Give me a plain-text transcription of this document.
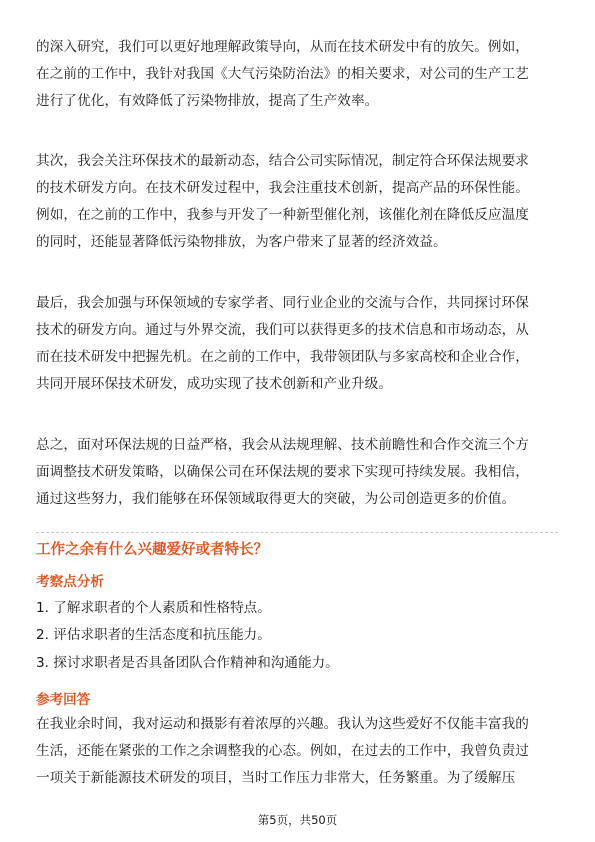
的深入研究，我们可以更好地理解政策导向，从而在技术研发中有的放矢。例如，
在之前的工作中，我针对我国《大气污染防治法》的相关要求，对公司的生产工艺
进行了优化，有效降低了污染物排放，提高了生产效率。
其次，我会关注环保技术的最新动态，结合公司实际情况，制定符合环保法规要求
的技术研发方向。在技术研发过程中，我会注重技术创新，提高产品的环保性能。
例如，在之前的工作中，我参与开发了一种新型催化剂，该催化剂在降低反应温度
的同时，还能显著降低污染物排放，为客户带来了显著的经济效益。
最后，我会加强与环保领域的专家学者、同行业企业的交流与合作，共同探讨环保
技术的研发方向。通过与外界交流，我们可以获得更多的技术信息和市场动态，从
而在技术研发中把握先机。在之前的工作中，我带领团队与多家高校和企业合作，
共同开展环保技术研发，成功实现了技术创新和产业升级。
总之，面对环保法规的日益严格，我会从法规理解、技术前瞻性和合作交流三个方
面调整技术研发策略，以确保公司在环保法规的要求下实现可持续发展。我相信，
通过这些努力，我们能够在环保领域取得更大的突破，为公司创造更多的价值。
工作之余有什么兴趣爱好或者特长？
考察点分析
1. 了解求职者的个人素质和性格特点。
2. 评估求职者的生活态度和抗压能力。
3. 探讨求职者是否具备团队合作精神和沟通能力。
参考回答
在我业余时间，我对运动和摄影有着浓厚的兴趣。我认为这些爱好不仅能丰富我的
生活，还能在紧张的工作之余调整我的心态。例如，在过去的工作中，我曾负责过
一项关于新能源技术研发的项目，当时工作压力非常大，任务繁重。为了缓解压
第5页，共50页
